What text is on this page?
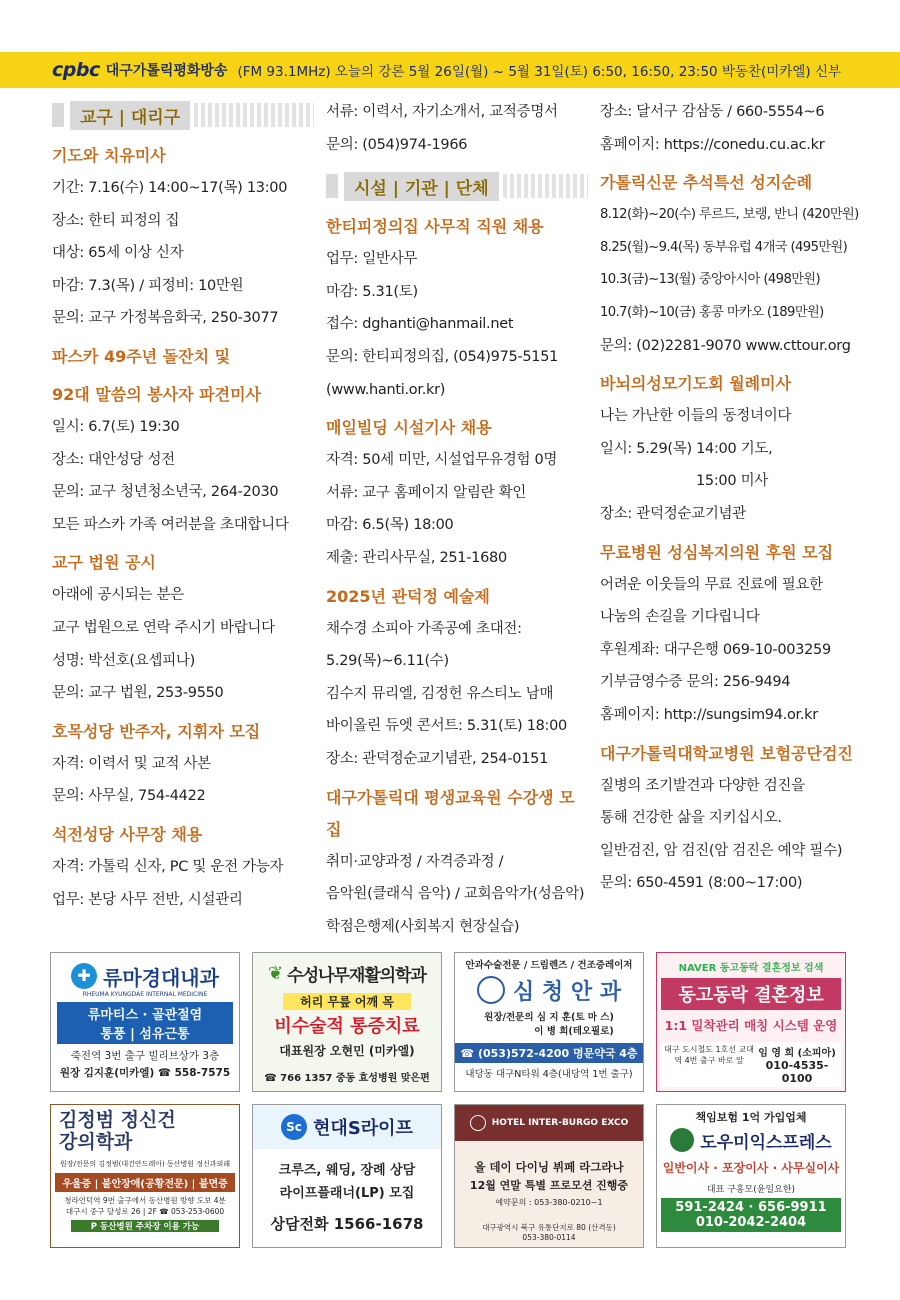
cpbc 대구가톨릭평화방송 (FM 93.1MHz) 오늘의 강론 5월 26일(월) ~ 5월 31일(토) 6:50, 16:50, 23:50 박동찬(미카엘) 신부
교구 | 대리구
기도와 치유미사
기간: 7.16(수) 14:00~17(목) 13:00
장소: 한티 피정의 집
대상: 65세 이상 신자
마감: 7.3(목) / 피정비: 10만원
문의: 교구 가정복음화국, 250-3077
파스카 49주년 돌잔치 및
92대 말씀의 봉사자 파견미사
일시: 6.7(토) 19:30
장소: 대안성당 성전
문의: 교구 청년청소년국, 264-2030
모든 파스카 가족 여러분을 초대합니다
교구 법원 공시
아래에 공시되는 분은
교구 법원으로 연락 주시기 바랍니다
성명: 박선호(요셉피나)
문의: 교구 법원, 253-9550
호목성당 반주자, 지휘자 모집
자격: 이력서 및 교적 사본
문의: 사무실, 754-4422
석전성당 사무장 채용
자격: 가톨릭 신자, PC 및 운전 가능자
업무: 본당 사무 전반, 시설관리
서류: 이력서, 자기소개서, 교적증명서
문의: (054)974-1966
시설 | 기관 | 단체
한티피정의집 사무직 직원 채용
업무: 일반사무
마감: 5.31(토)
접수: dghanti@hanmail.net
문의: 한티피정의집, (054)975-5151
(www.hanti.or.kr)
매일빌딩 시설기사 채용
자격: 50세 미만, 시설업무유경험 0명
서류: 교구 홈페이지 알림란 확인
마감: 6.5(목) 18:00
제출: 관리사무실, 251-1680
2025년 관덕정 예술제
채수경 소피아 가족공예 초대전:
5.29(목)~6.11(수)
김수지 뮤리엘, 김정헌 유스티노 남매
바이올린 듀엣 콘서트: 5.31(토) 18:00
장소: 관덕정순교기념관, 254-0151
대구가톨릭대 평생교육원 수강생 모집
취미·교양과정 / 자격증과정 /
음악원(클래식 음악) / 교회음악가(성음악)
학점은행제(사회복지 현장실습)
장소: 달서구 감삼동 / 660-5554~6
홈페이지: https://conedu.cu.ac.kr
가톨릭신문 추석특선 성지순례
8.12(화)~20(수) 루르드, 보랭, 반니 (420만원)
8.25(월)~9.4(목) 동부유럽 4개국 (495만원)
10.3(금)~13(월) 중앙아시아 (498만원)
10.7(화)~10(금) 홍콩 마카오 (189만원)
문의: (02)2281-9070 www.cttour.org
바뇌의성모기도회 월례미사
나는 가난한 이들의 동정녀이다
일시: 5.29(목) 14:00 기도,
15:00 미사
장소: 관덕정순교기념관
무료병원 성심복지의원 후원 모집
어려운 이웃들의 무료 진료에 필요한
나눔의 손길을 기다립니다
후원계좌: 대구은행 069-10-003259
기부금영수증 문의: 256-9494
홈페이지: http://sungsim94.or.kr
대구가톨릭대학교병원 보험공단검진
질병의 조기발견과 다양한 검진을
통해 건강한 삶을 지키십시오.
일반검진, 암 검진(암 검진은 예약 필수)
문의: 650-4591 (8:00~17:00)
✚ 류마경대내과
RHEUMA KYUNGDAE INTERNAL MEDICINE
류마티스 · 골관절염
통풍 | 섬유근통
죽전역 3번 출구 빌리브상가 3층
원장 김지훈(미카엘) ☎ 558-7575
❦ 수성나무재활의학과
허리 무릎 어깨 목
비수술적 통증치료
대표원장 오현민 (미카엘)
☎ 766 1357 중동 효성병원 맞은편
안과수술전문 / 드림렌즈 / 건조증레이저
심 청 안 과
원장/전문의 심 지 훈(토 마 스)
이 병 희(테오필로)
☎ (053)572-4200 명문약국 4층
내당동 대구N타워 4층(내당역 1번 출구)
NAVER 동고동락 결혼정보 검색
동고동락 결혼정보
1:1 밀착관리 매칭 시스템 운영
대구 도시철도 1호선 교대역 4번 출구 바로 앞
임 영 희 (소피아)
010-4535-0100
김정범 정신건강의학과
원장/전문의 김정범(대건안드레아) 동산병원 정신과외래
우울증 | 불안장애(공황전문) | 불면증
청라언덕역 9번 출구에서 동산병원 방향 도보 4분
대구시 중구 달성로 26 | 2F ☎ 053-253-0600
P 동산병원 주차장 이용 가능
Sc 현대S라이프
크루즈, 웨딩, 장례 상담
라이프플래너(LP) 모집
상담전화 1566-1678
HOTEL INTER-BURGO EXCO
올 데이 다이닝 뷔페 라그라나
12월 연말 특별 프로모션 진행중
예약문의 : 053-380-0210~1
대구광역시 북구 유통단지로 80 (산격동)
053-380-0114
책임보험 1억 가입업체
도우미익스프레스
일반이사 · 포장이사 · 사무실이사
대표 구홍모(윤일요한)
591-2424 · 656-9911
010-2042-2404
